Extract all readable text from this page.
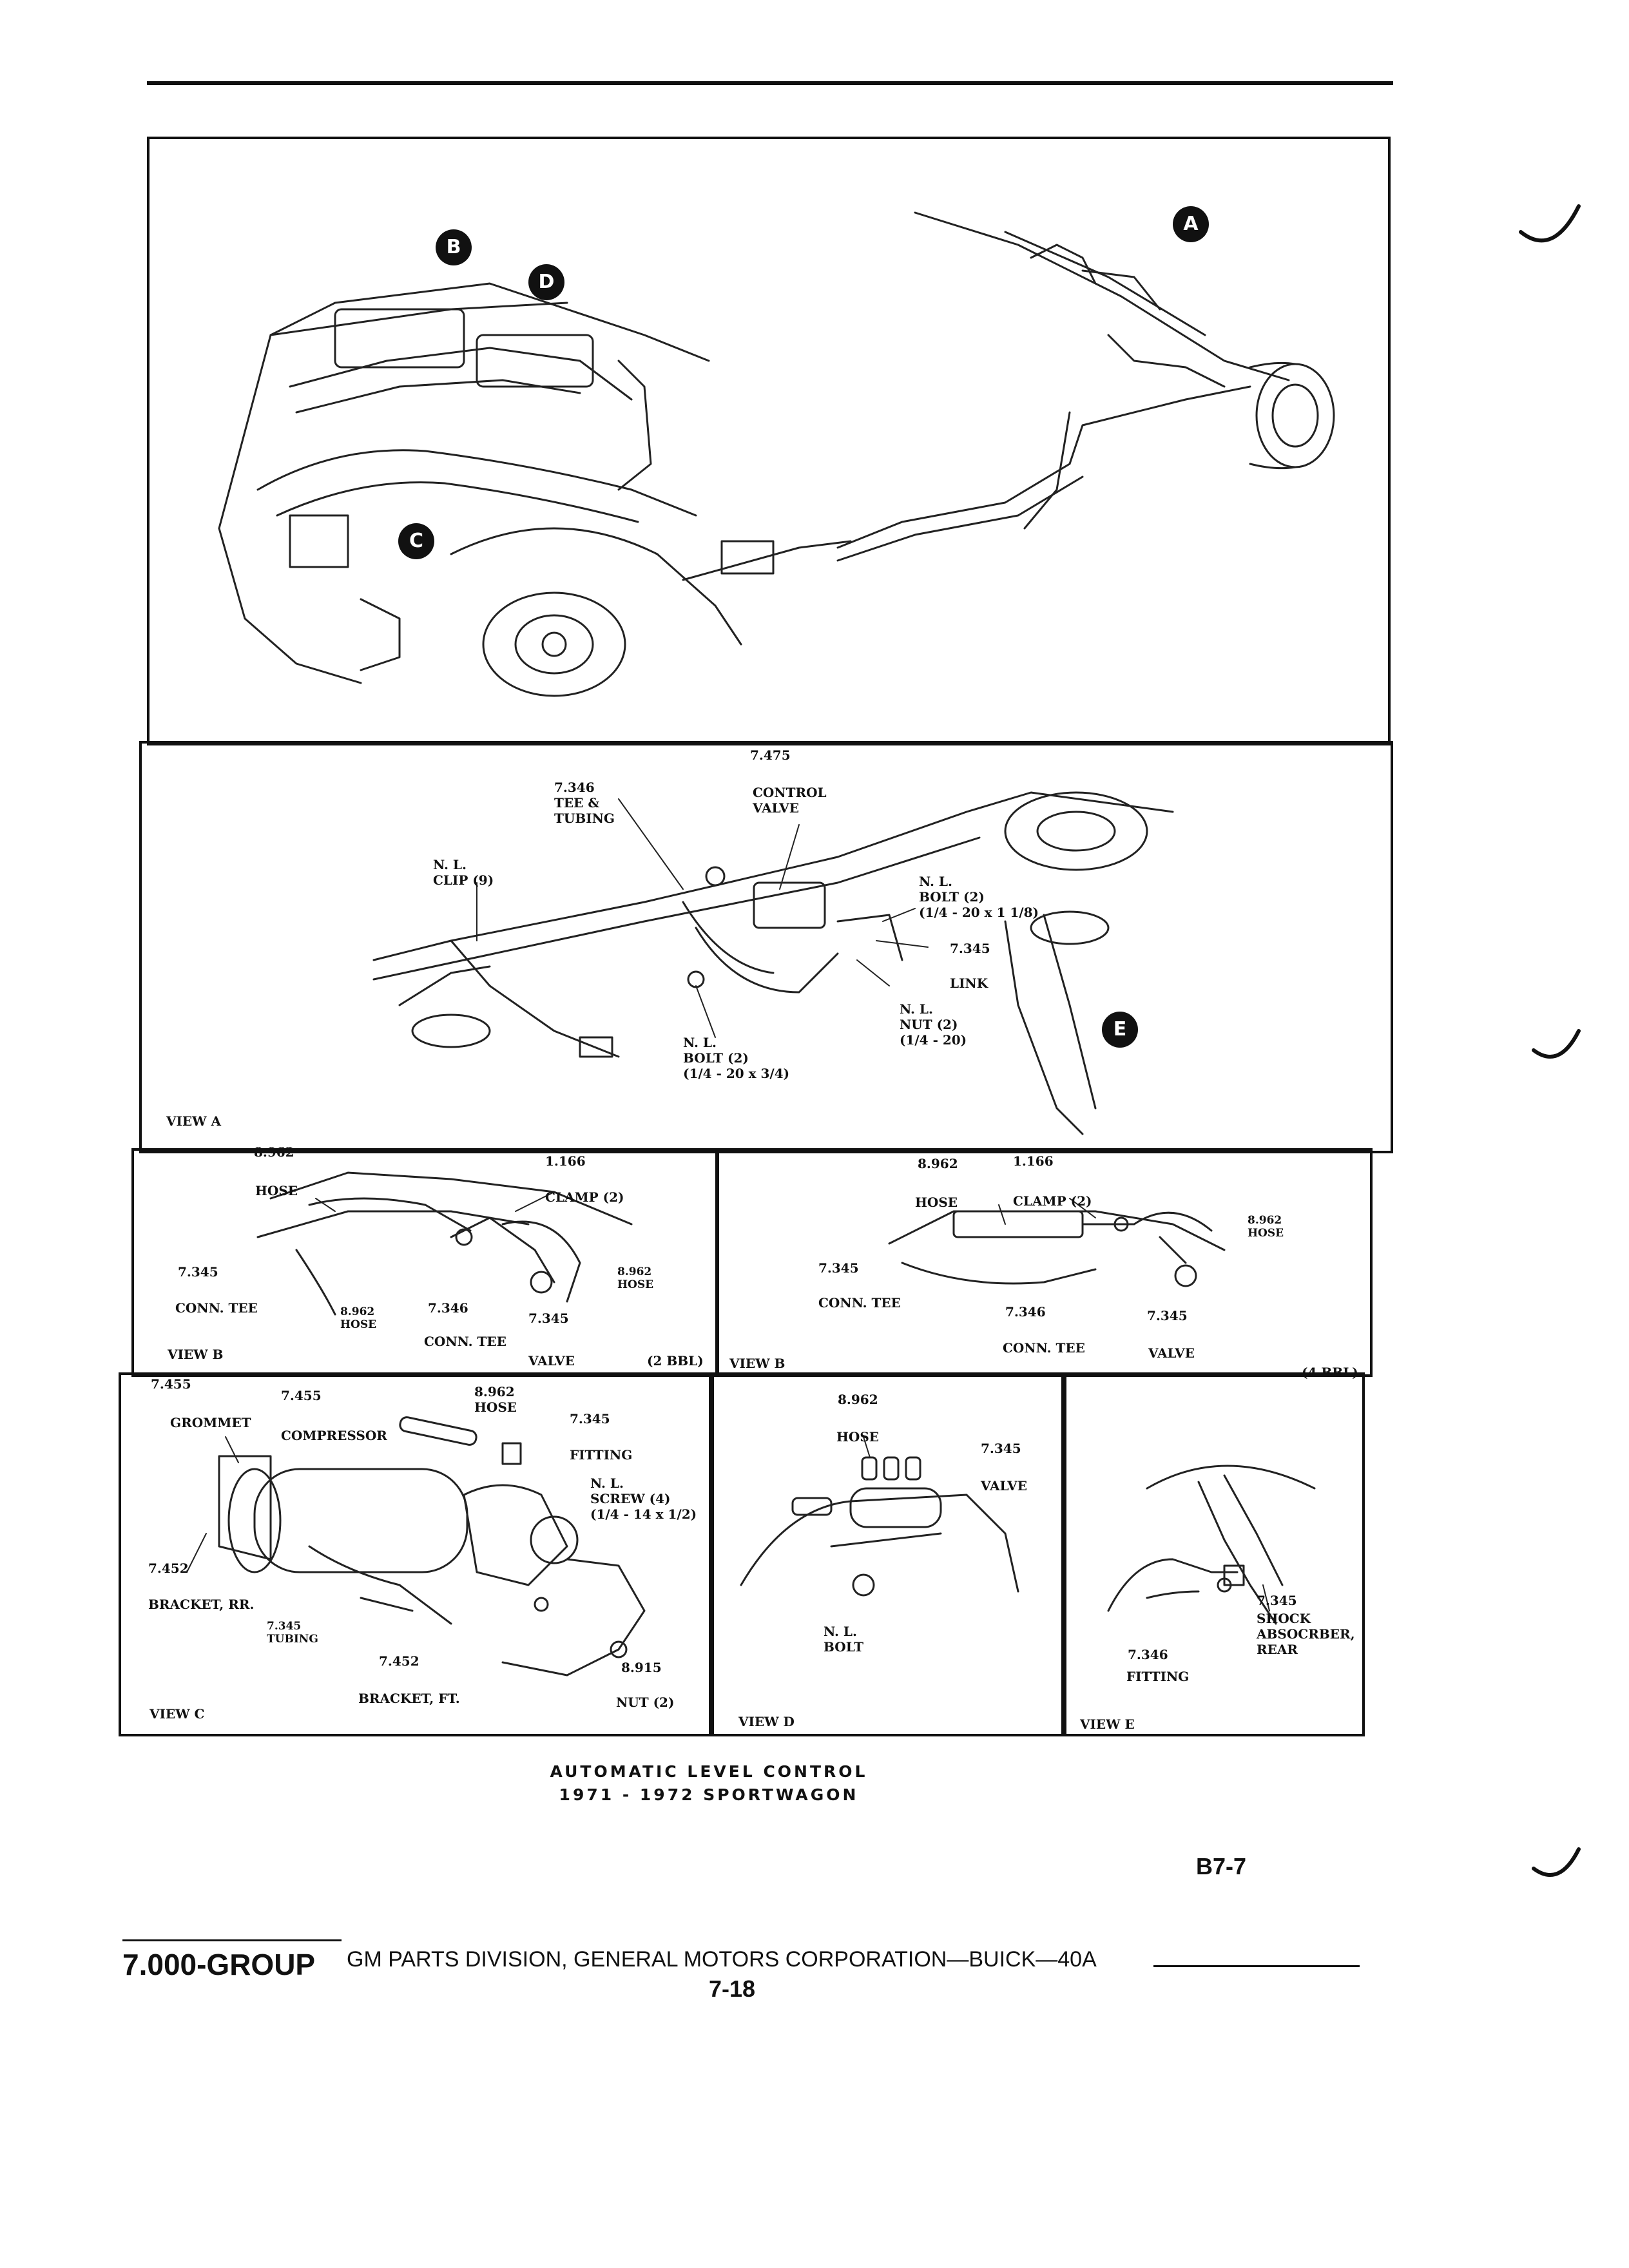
B
D
C
A
E
7.475
7.346
TEE &
TUBING
CONTROL
VALVE
N. L.
CLIP (9)	N. L.
BOLT (2)
(1/4 - 20 x 1 1/8)
7.345
LINK
N. L.
NUT (2)
(1/4 - 20)
N. L.
BOLT (2)
(1/4 - 20 x 3/4)
VIEW A
8.962
1.166
HOSE	CLAMP (2)
7.345
CONN. TEE	8.962
HOSE
7.346
8.962
HOSE
7.345
CONN. TEE
VIEW B	VALVE	(2 BBL)
8.962	1.166
HOSE	CLAMP (2)
8.962
HOSE
7.345
CONN. TEE
7.346	7.345
CONN. TEE	VALVE
VIEW B
(4 BBL)
7.455
7.455	8.962
HOSE
GROMMET	7.345
COMPRESSOR
FITTING
N. L.
SCREW (4)
(1/4 - 14 x 1/2)
7.452
BRACKET, RR.
7.345
TUBING
7.452	8.915
BRACKET, FT.	NUT (2)
VIEW C
8.962
HOSE
7.345
VALVE
N. L.
BOLT
VIEW D
7.345
SHOCK
ABSOCRBER,
REAR
7.346
FITTING
VIEW E
AUTOMATIC LEVEL CONTROL
1971 - 1972 SPORTWAGON
B7-7
7.000-GROUP GM PARTS DIVISION, GENERAL MOTORS CORPORATION—BUICK—40A
7-18
